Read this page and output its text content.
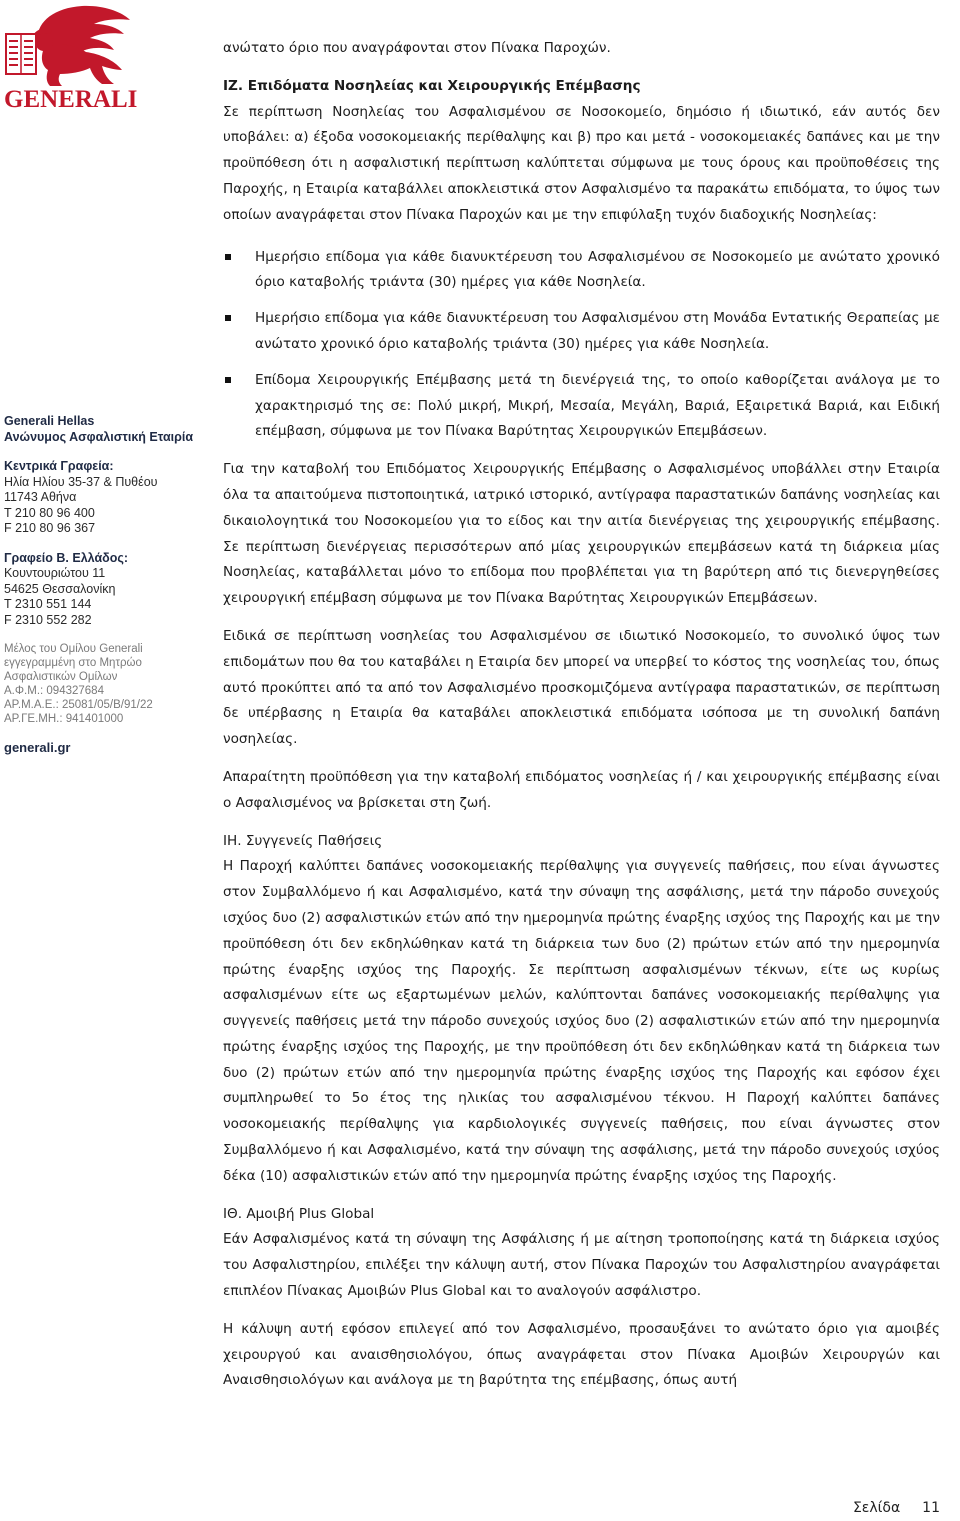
GENERALI
Generali Hellas
Ανώνυμος Ασφαλιστική Εταιρία
Κεντρικά Γραφεία:
Ηλία Ηλίου 35-37 & Πυθέου
11743 Αθήνα
T 210 80 96 400
F 210 80 96 367
Γραφείο Β. Ελλάδος:
Κουντουριώτου 11
54625 Θεσσαλονίκη
T 2310 551 144
F 2310 552 282
Μέλος του Ομίλου Generali
εγγεγραμμένη στο Μητρώο
Ασφαλιστικών Ομίλων
Α.Φ.Μ.: 094327684
ΑΡ.Μ.Α.Ε.: 25081/05/Β/91/22
ΑΡ.ΓΕ.ΜΗ.: 941401000
generali.gr

ανώτατο όριο που αναγράφονται στον Πίνακα Παροχών.

ΙΖ. Επιδόματα Νοσηλείας και Χειρουργικής Επέμβασης

Σε περίπτωση Νοσηλείας του Ασφαλισμένου σε Νοσοκομείο, δημόσιο ή ιδιωτικό, εάν αυτός δεν υποβάλει: α) έξοδα νοσοκομειακής περίθαλψης και β) προ και μετά - νοσοκομειακές δαπάνες και με την προϋπόθεση ότι η ασφαλιστική περίπτωση καλύπτεται σύμφωνα με τους όρους και προϋποθέσεις της Παροχής, η Εταιρία καταβάλλει αποκλειστικά στον Ασφαλισμένο τα παρακάτω επιδόματα, το ύψος των οποίων αναγράφεται στον Πίνακα Παροχών και με την επιφύλαξη τυχόν διαδοχικής Νοσηλείας:

Ημερήσιο επίδομα για κάθε διανυκτέρευση του Ασφαλισμένου σε Νοσοκομείο με ανώτατο χρονικό όριο καταβολής τριάντα (30) ημέρες για κάθε Νοσηλεία.
Ημερήσιο επίδομα για κάθε διανυκτέρευση του Ασφαλισμένου στη Μονάδα Εντατικής Θεραπείας με ανώτατο χρονικό όριο καταβολής τριάντα (30) ημέρες για κάθε Νοσηλεία.
Επίδομα Χειρουργικής Επέμβασης μετά τη διενέργειά της, το οποίο καθορίζεται ανάλογα με το χαρακτηρισμό της σε: Πολύ μικρή, Μικρή, Μεσαία, Μεγάλη, Βαριά, Εξαιρετικά Βαριά, και Ειδική επέμβαση, σύμφωνα με τον Πίνακα Βαρύτητας Χειρουργικών Επεμβάσεων.

Για την καταβολή του Επιδόματος Χειρουργικής Επέμβασης ο Ασφαλισμένος υποβάλλει στην Εταιρία όλα τα απαιτούμενα πιστοποιητικά, ιατρικό ιστορικό, αντίγραφα παραστατικών δαπάνης νοσηλείας και δικαιολογητικά του Νοσοκομείου για το είδος και την αιτία διενέργειας της χειρουργικής επέμβασης. Σε περίπτωση διενέργειας περισσότερων από μίας χειρουργικών επεμβάσεων κατά τη διάρκεια μίας Νοσηλείας, καταβάλλεται μόνο το επίδομα που προβλέπεται για τη βαρύτερη από τις διενεργηθείσες χειρουργική επέμβαση σύμφωνα με τον Πίνακα Βαρύτητας Χειρουργικών Επεμβάσεων.

Ειδικά σε περίπτωση νοσηλείας του Ασφαλισμένου σε ιδιωτικό Νοσοκομείο, το συνολικό ύψος των επιδομάτων που θα του καταβάλει η Εταιρία δεν μπορεί να υπερβεί το κόστος της νοσηλείας του, όπως αυτό προκύπτει από τα από τον Ασφαλισμένο προσκομιζόμενα αντίγραφα παραστατικών, σε περίπτωση δε υπέρβασης η Εταιρία θα καταβάλει αποκλειστικά επιδόματα ισόποσα με τη συνολική δαπάνη νοσηλείας.

Απαραίτητη προϋπόθεση για την καταβολή επιδόματος νοσηλείας ή / και χειρουργικής επέμβασης είναι ο Ασφαλισμένος να βρίσκεται στη ζωή.

ΙΗ. Συγγενείς Παθήσεις

Η Παροχή καλύπτει δαπάνες νοσοκομειακής περίθαλψης για συγγενείς παθήσεις, που είναι άγνωστες στον Συμβαλλόμενο ή και Ασφαλισμένο, κατά την σύναψη της ασφάλισης, μετά την πάροδο συνεχούς ισχύος δυο (2) ασφαλιστικών ετών από την ημερομηνία πρώτης έναρξης ισχύος της Παροχής και με την προϋπόθεση ότι δεν εκδηλώθηκαν κατά τη διάρκεια των δυο (2) πρώτων ετών από την ημερομηνία πρώτης έναρξης ισχύος της Παροχής. Σε περίπτωση ασφαλισμένων τέκνων, είτε ως κυρίως ασφαλισμένων είτε ως εξαρτωμένων μελών, καλύπτονται δαπάνες νοσοκομειακής περίθαλψης για συγγενείς παθήσεις μετά την πάροδο συνεχούς ισχύος δυο (2) ασφαλιστικών ετών από την ημερομηνία πρώτης έναρξης ισχύος της Παροχής, με την προϋπόθεση ότι δεν εκδηλώθηκαν κατά τη διάρκεια των δυο (2) πρώτων ετών από την ημερομηνία πρώτης έναρξης ισχύος της Παροχής και εφόσον έχει συμπληρωθεί το 5ο έτος της ηλικίας του ασφαλισμένου τέκνου. Η Παροχή καλύπτει δαπάνες νοσοκομειακής περίθαλψης για καρδιολογικές συγγενείς παθήσεις, που είναι άγνωστες στον Συμβαλλόμενο ή και Ασφαλισμένο, κατά την σύναψη της ασφάλισης, μετά την πάροδο συνεχούς ισχύος δέκα (10) ασφαλιστικών ετών από την ημερομηνία πρώτης έναρξης ισχύος της Παροχής.

ΙΘ. Αμοιβή Plus Global

Εάν Ασφαλισμένος κατά τη σύναψη της Ασφάλισης ή με αίτηση τροποποίησης κατά τη διάρκεια ισχύος του Ασφαλιστηρίου, επιλέξει την κάλυψη αυτή, στον Πίνακα Παροχών του Ασφαλιστηρίου αναγράφεται επιπλέον Πίνακας Αμοιβών Plus Global και το αναλογούν ασφάλιστρο.

Η κάλυψη αυτή εφόσον επιλεγεί από τον Ασφαλισμένο, προσαυξάνει το ανώτατο όριο για αμοιβές χειρουργού και αναισθησιολόγου, όπως αναγράφεται στον Πίνακα Αμοιβών Χειρουργών και Αναισθησιολόγων και ανάλογα με τη βαρύτητα της επέμβασης, όπως αυτή

Σελίδα 11
